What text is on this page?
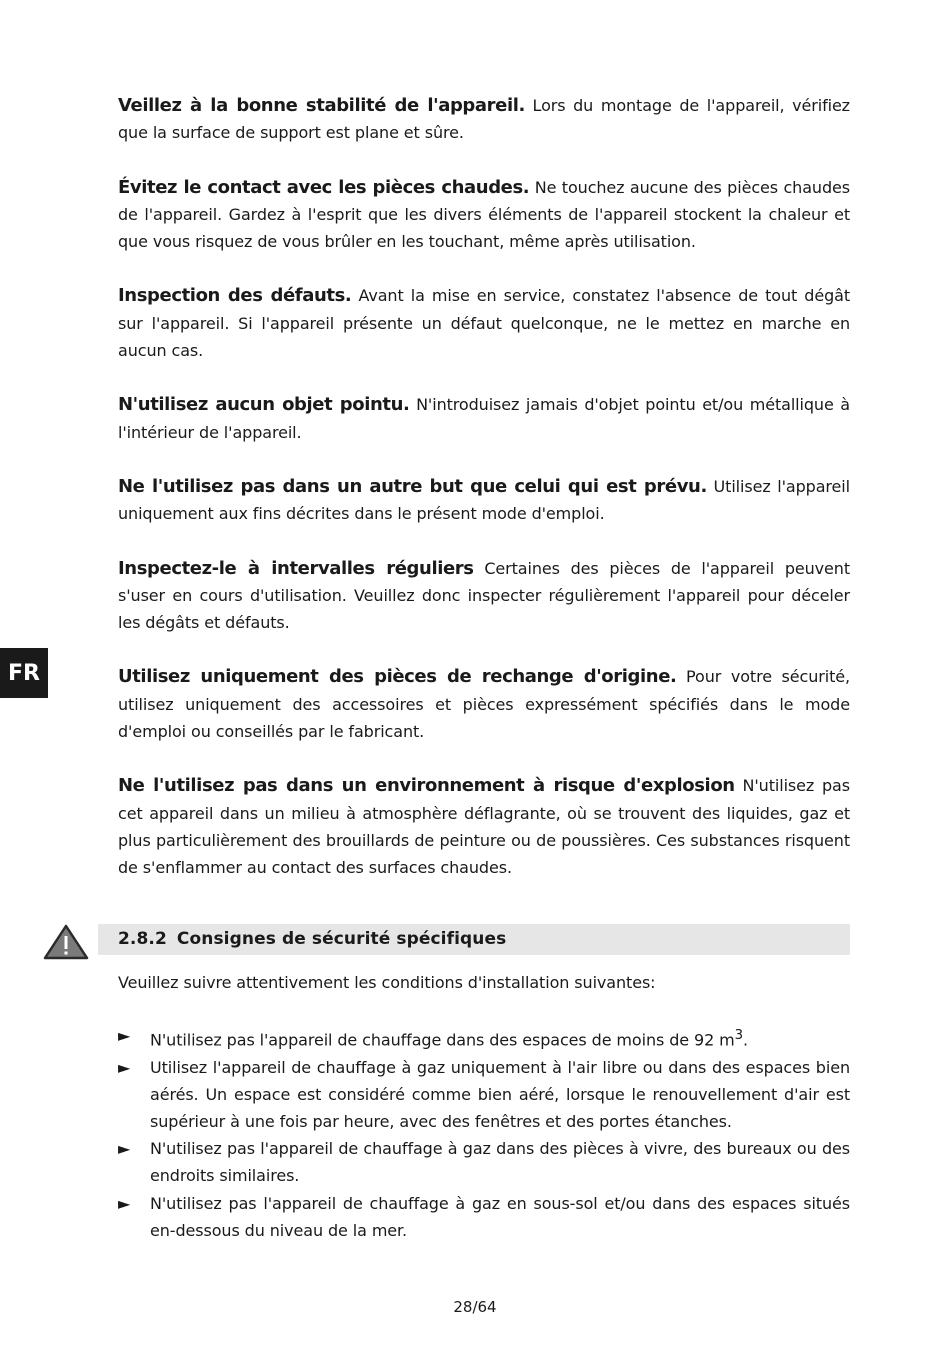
Veillez à la bonne stabilité de l'appareil. Lors du montage de l'appareil, vérifiez que la surface de support est plane et sûre.

Évitez le contact avec les pièces chaudes. Ne touchez aucune des pièces chaudes de l'appareil. Gardez à l'esprit que les divers éléments de l'appareil stockent la chaleur et que vous risquez de vous brûler en les touchant, même après utilisation.

Inspection des défauts. Avant la mise en service, constatez l'absence de tout dégât sur l'appareil. Si l'appareil présente un défaut quelconque, ne le mettez en marche en aucun cas.

N'utilisez aucun objet pointu. N'introduisez jamais d'objet pointu et/ou métallique à l'intérieur de l'appareil.

Ne l'utilisez pas dans un autre but que celui qui est prévu. Utilisez l'appareil uniquement aux fins décrites dans le présent mode d'emploi.

Inspectez-le à intervalles réguliers Certaines des pièces de l'appareil peuvent s'user en cours d'utilisation. Veuillez donc inspecter régulièrement l'appareil pour déceler les dégâts et défauts.

Utilisez uniquement des pièces de rechange d'origine. Pour votre sécurité, utilisez uniquement des accessoires et pièces expressément spécifiés dans le mode d'emploi ou conseillés par le fabricant.

Ne l'utilisez pas dans un environnement à risque d'explosion N'utilisez pas cet appareil dans un milieu à atmosphère déflagrante, où se trouvent des liquides, gaz et plus particulièrement des brouillards de peinture ou de poussières. Ces substances risquent de s'enflammer au contact des surfaces chaudes.

FR
2.8.2 Consignes de sécurité spécifiques
Veuillez suivre attentivement les conditions d'installation suivantes:
► N'utilisez pas l'appareil de chauffage dans des espaces de moins de 92 $m^3$.
► Utilisez l'appareil de chauffage à gaz uniquement à l'air libre ou dans des espaces bien aérés. Un espace est considéré comme bien aéré, lorsque le renouvellement d'air est supérieur à une fois par heure, avec des fenêtres et des portes étanches.
► N'utilisez pas l'appareil de chauffage à gaz dans des pièces à vivre, des bureaux ou des endroits similaires.
► N'utilisez pas l'appareil de chauffage à gaz en sous-sol et/ou dans des espaces situés en-dessous du niveau de la mer.
28/64
